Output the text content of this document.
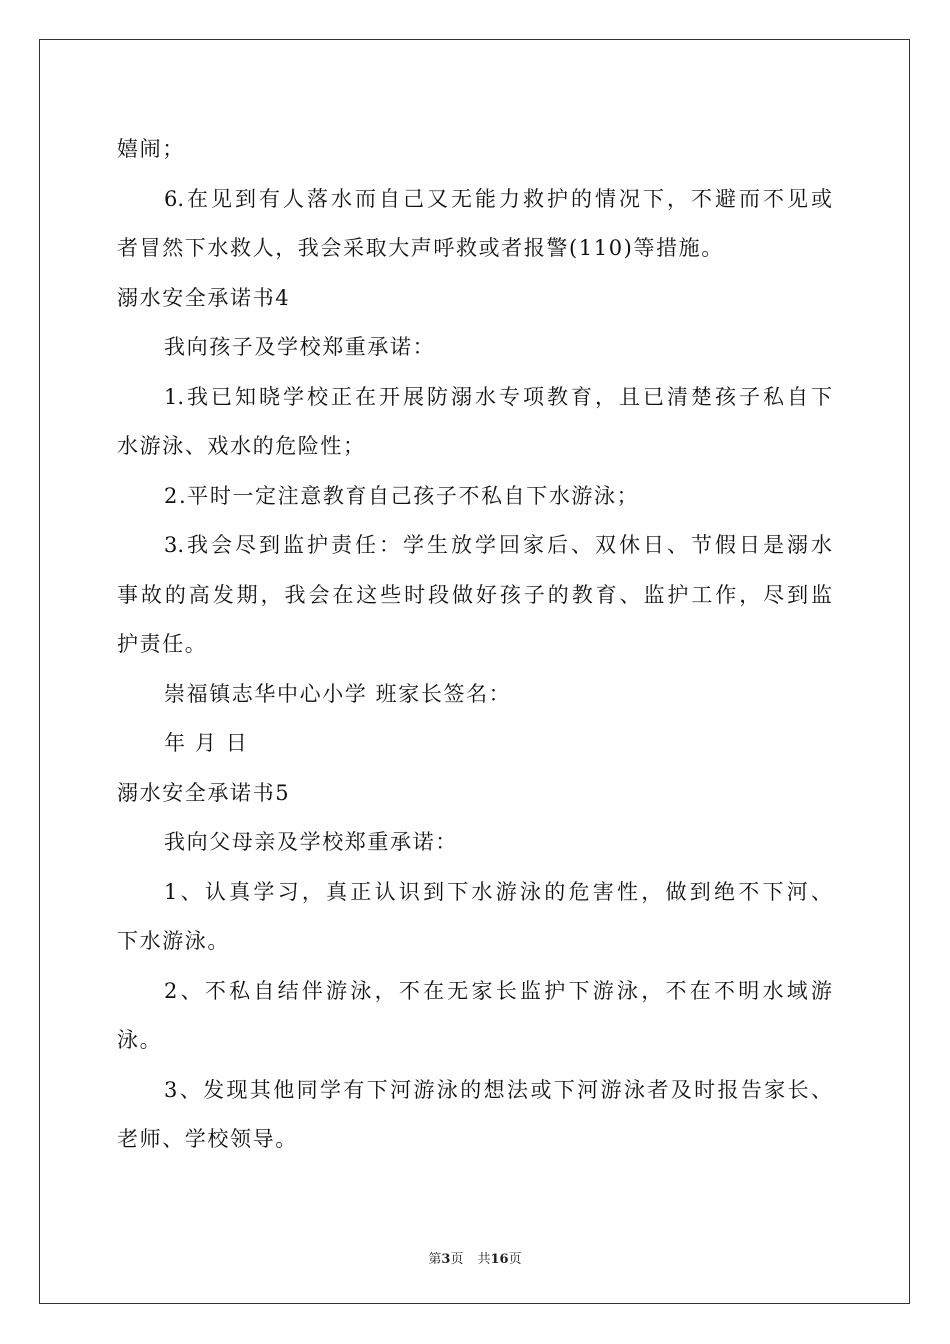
嬉闹；

6.在见到有人落水而自己又无能力救护的情况下，不避而不见或

者冒然下水救人，我会采取大声呼救或者报警(110)等措施。

溺水安全承诺书4

我向孩子及学校郑重承诺：

1.我已知晓学校正在开展防溺水专项教育，且已清楚孩子私自下

水游泳、戏水的危险性；

2.平时一定注意教育自己孩子不私自下水游泳；

3.我会尽到监护责任：学生放学回家后、双休日、节假日是溺水

事故的高发期，我会在这些时段做好孩子的教育、监护工作，尽到监

护责任。

崇福镇志华中心小学 班家长签名：

年 月 日

溺水安全承诺书5

我向父母亲及学校郑重承诺：

1、认真学习，真正认识到下水游泳的危害性，做到绝不下河、

下水游泳。

2、不私自结伴游泳，不在无家长监护下游泳，不在不明水域游

泳。

3、发现其他同学有下河游泳的想法或下河游泳者及时报告家长、

老师、学校领导。

第3页 共16页
